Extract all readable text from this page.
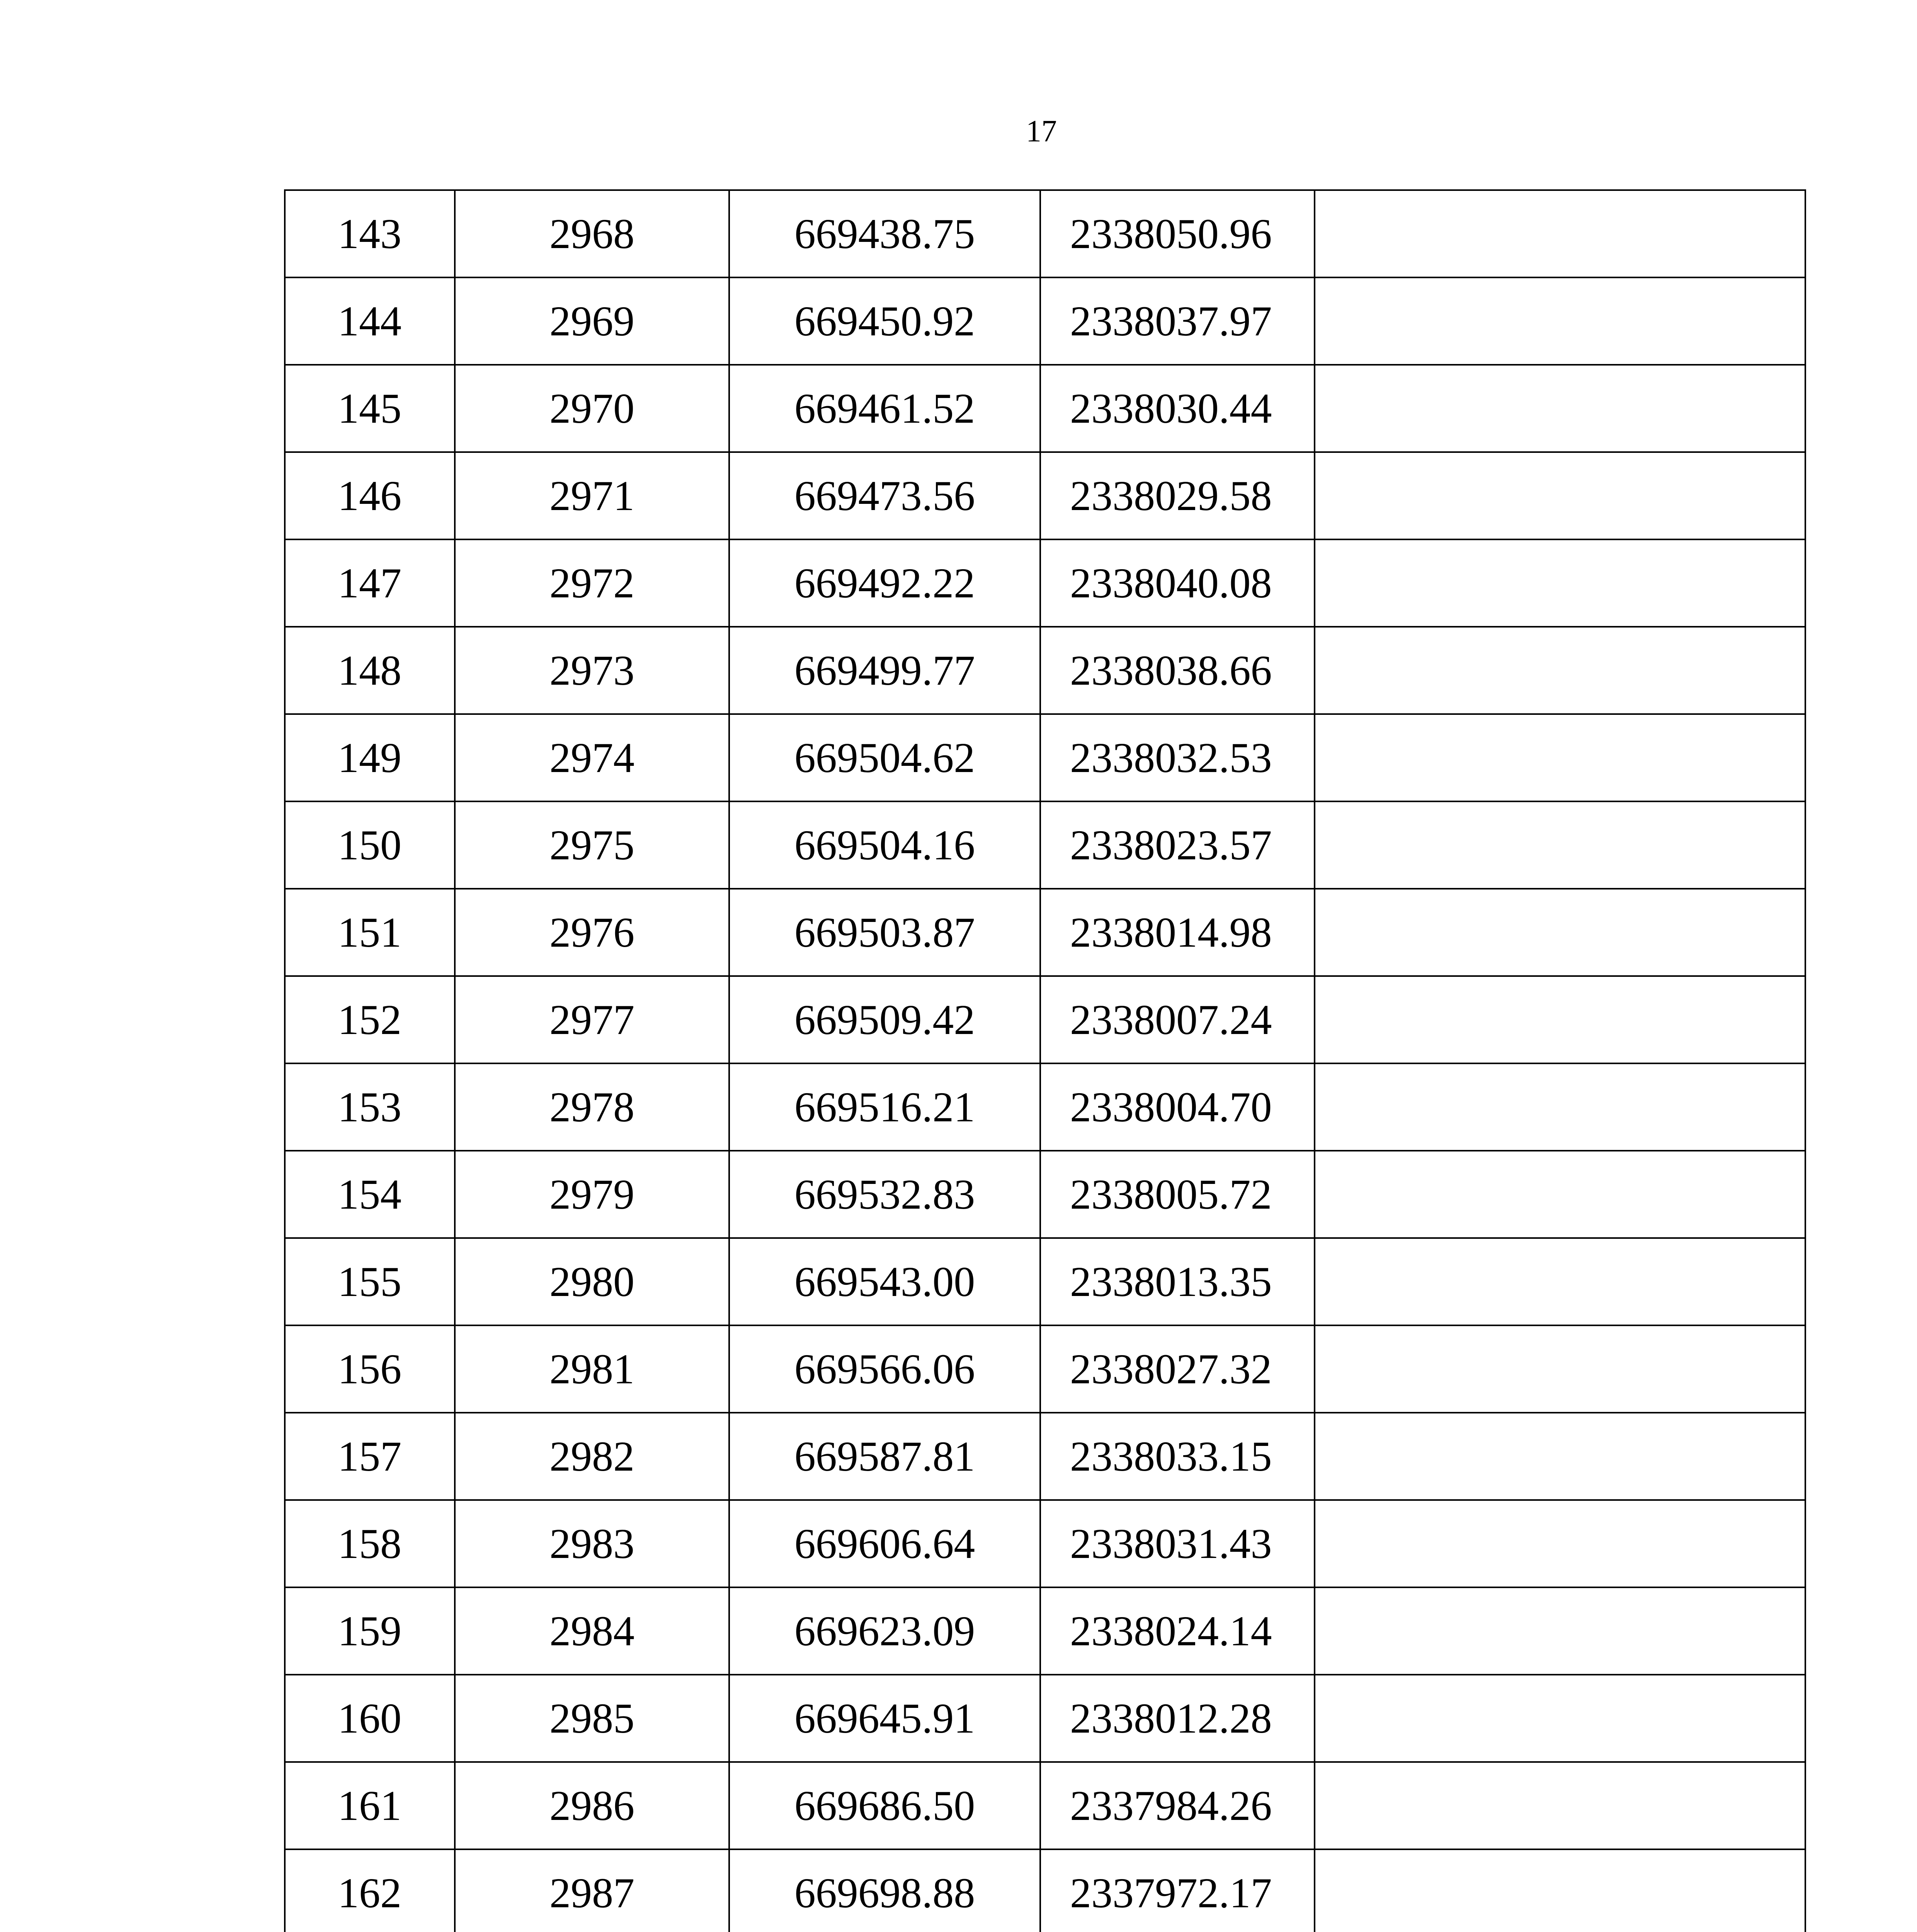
17
143	2968	669438.75	2338050.96	
144	2969	669450.92	2338037.97	
145	2970	669461.52	2338030.44	
146	2971	669473.56	2338029.58	
147	2972	669492.22	2338040.08	
148	2973	669499.77	2338038.66	
149	2974	669504.62	2338032.53	
150	2975	669504.16	2338023.57	
151	2976	669503.87	2338014.98	
152	2977	669509.42	2338007.24	
153	2978	669516.21	2338004.70	
154	2979	669532.83	2338005.72	
155	2980	669543.00	2338013.35	
156	2981	669566.06	2338027.32	
157	2982	669587.81	2338033.15	
158	2983	669606.64	2338031.43	
159	2984	669623.09	2338024.14	
160	2985	669645.91	2338012.28	
161	2986	669686.50	2337984.26	
162	2987	669698.88	2337972.17	
